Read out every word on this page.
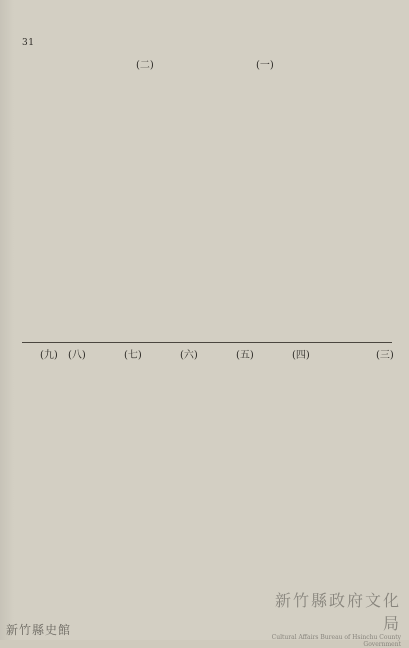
31
(一)
(二)
(三)
(四)
(五)
(六)
(七)
(八)
(九)
新竹縣政府文化局
Cultural Affairs Bureau of Hsinchu County Government
新竹縣史館
